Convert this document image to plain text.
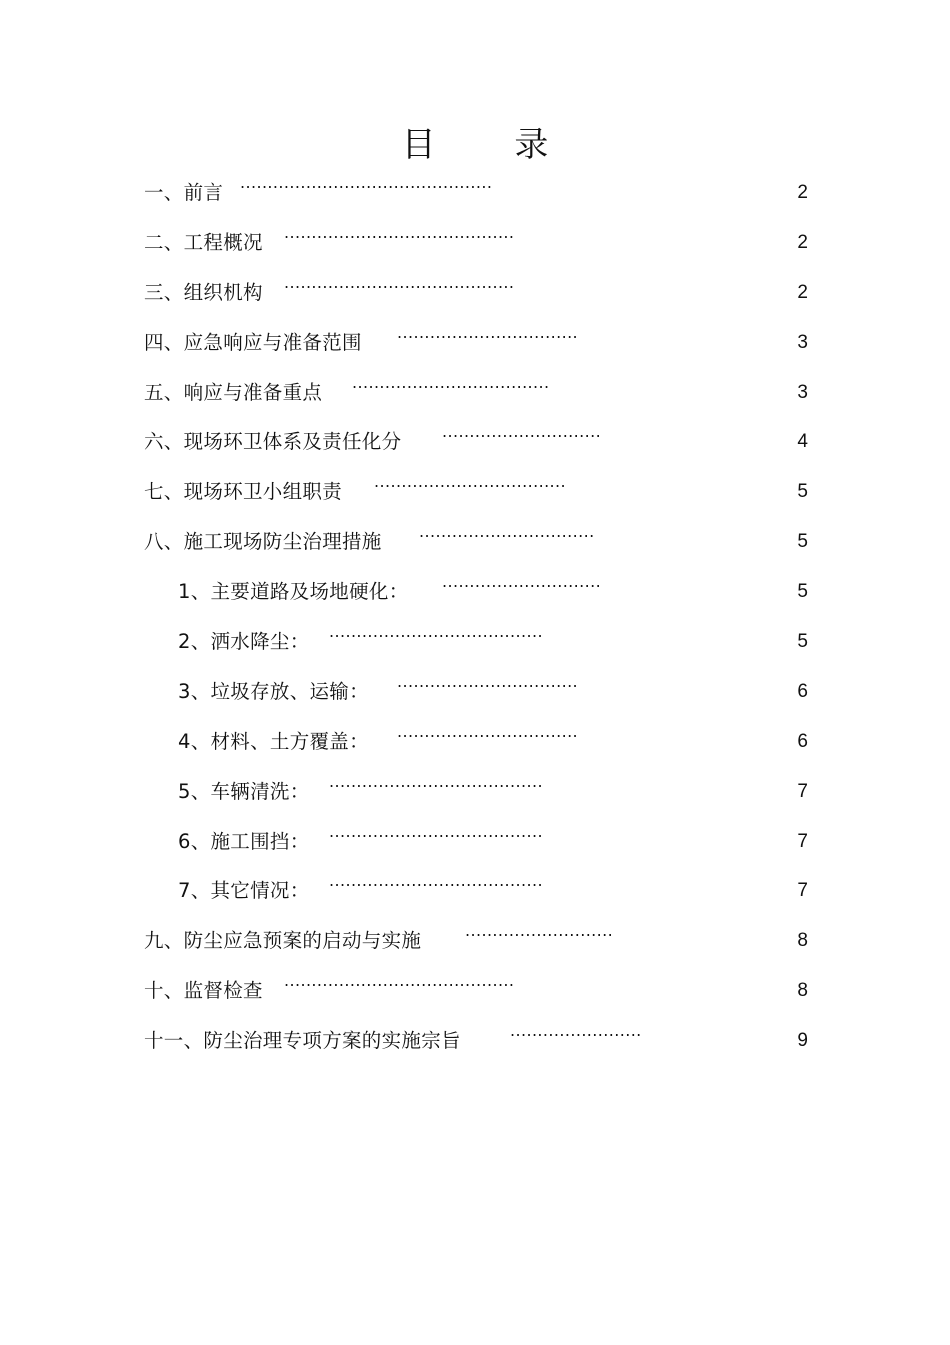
目 录
一、前言 ..............................................	2
二、工程概况 ..........................................	2
三、组织机构 ..........................................	2
四、应急响应与准备范围 .................................	3
五、响应与准备重点 ....................................	3
六、现场环卫体系及责任化分	.............................	4
七、现场环卫小组职责 ...................................	5
八、施工现场防尘治理措施 ................................	5
1、主要道路及场地硬化： .............................	5
2、洒水降尘： .......................................	5
3、垃圾存放、运输： .................................	6
4、材料、土方覆盖： .................................	6
5、车辆清洗： .......................................	7
6、施工围挡： .......................................	7
7、其它情况： .......................................	7
九、防尘应急预案的启动与实施	...........................	8
十、监督检查 ..........................................	8
十一、防尘治理专项方案的实施宗旨	........................	9
